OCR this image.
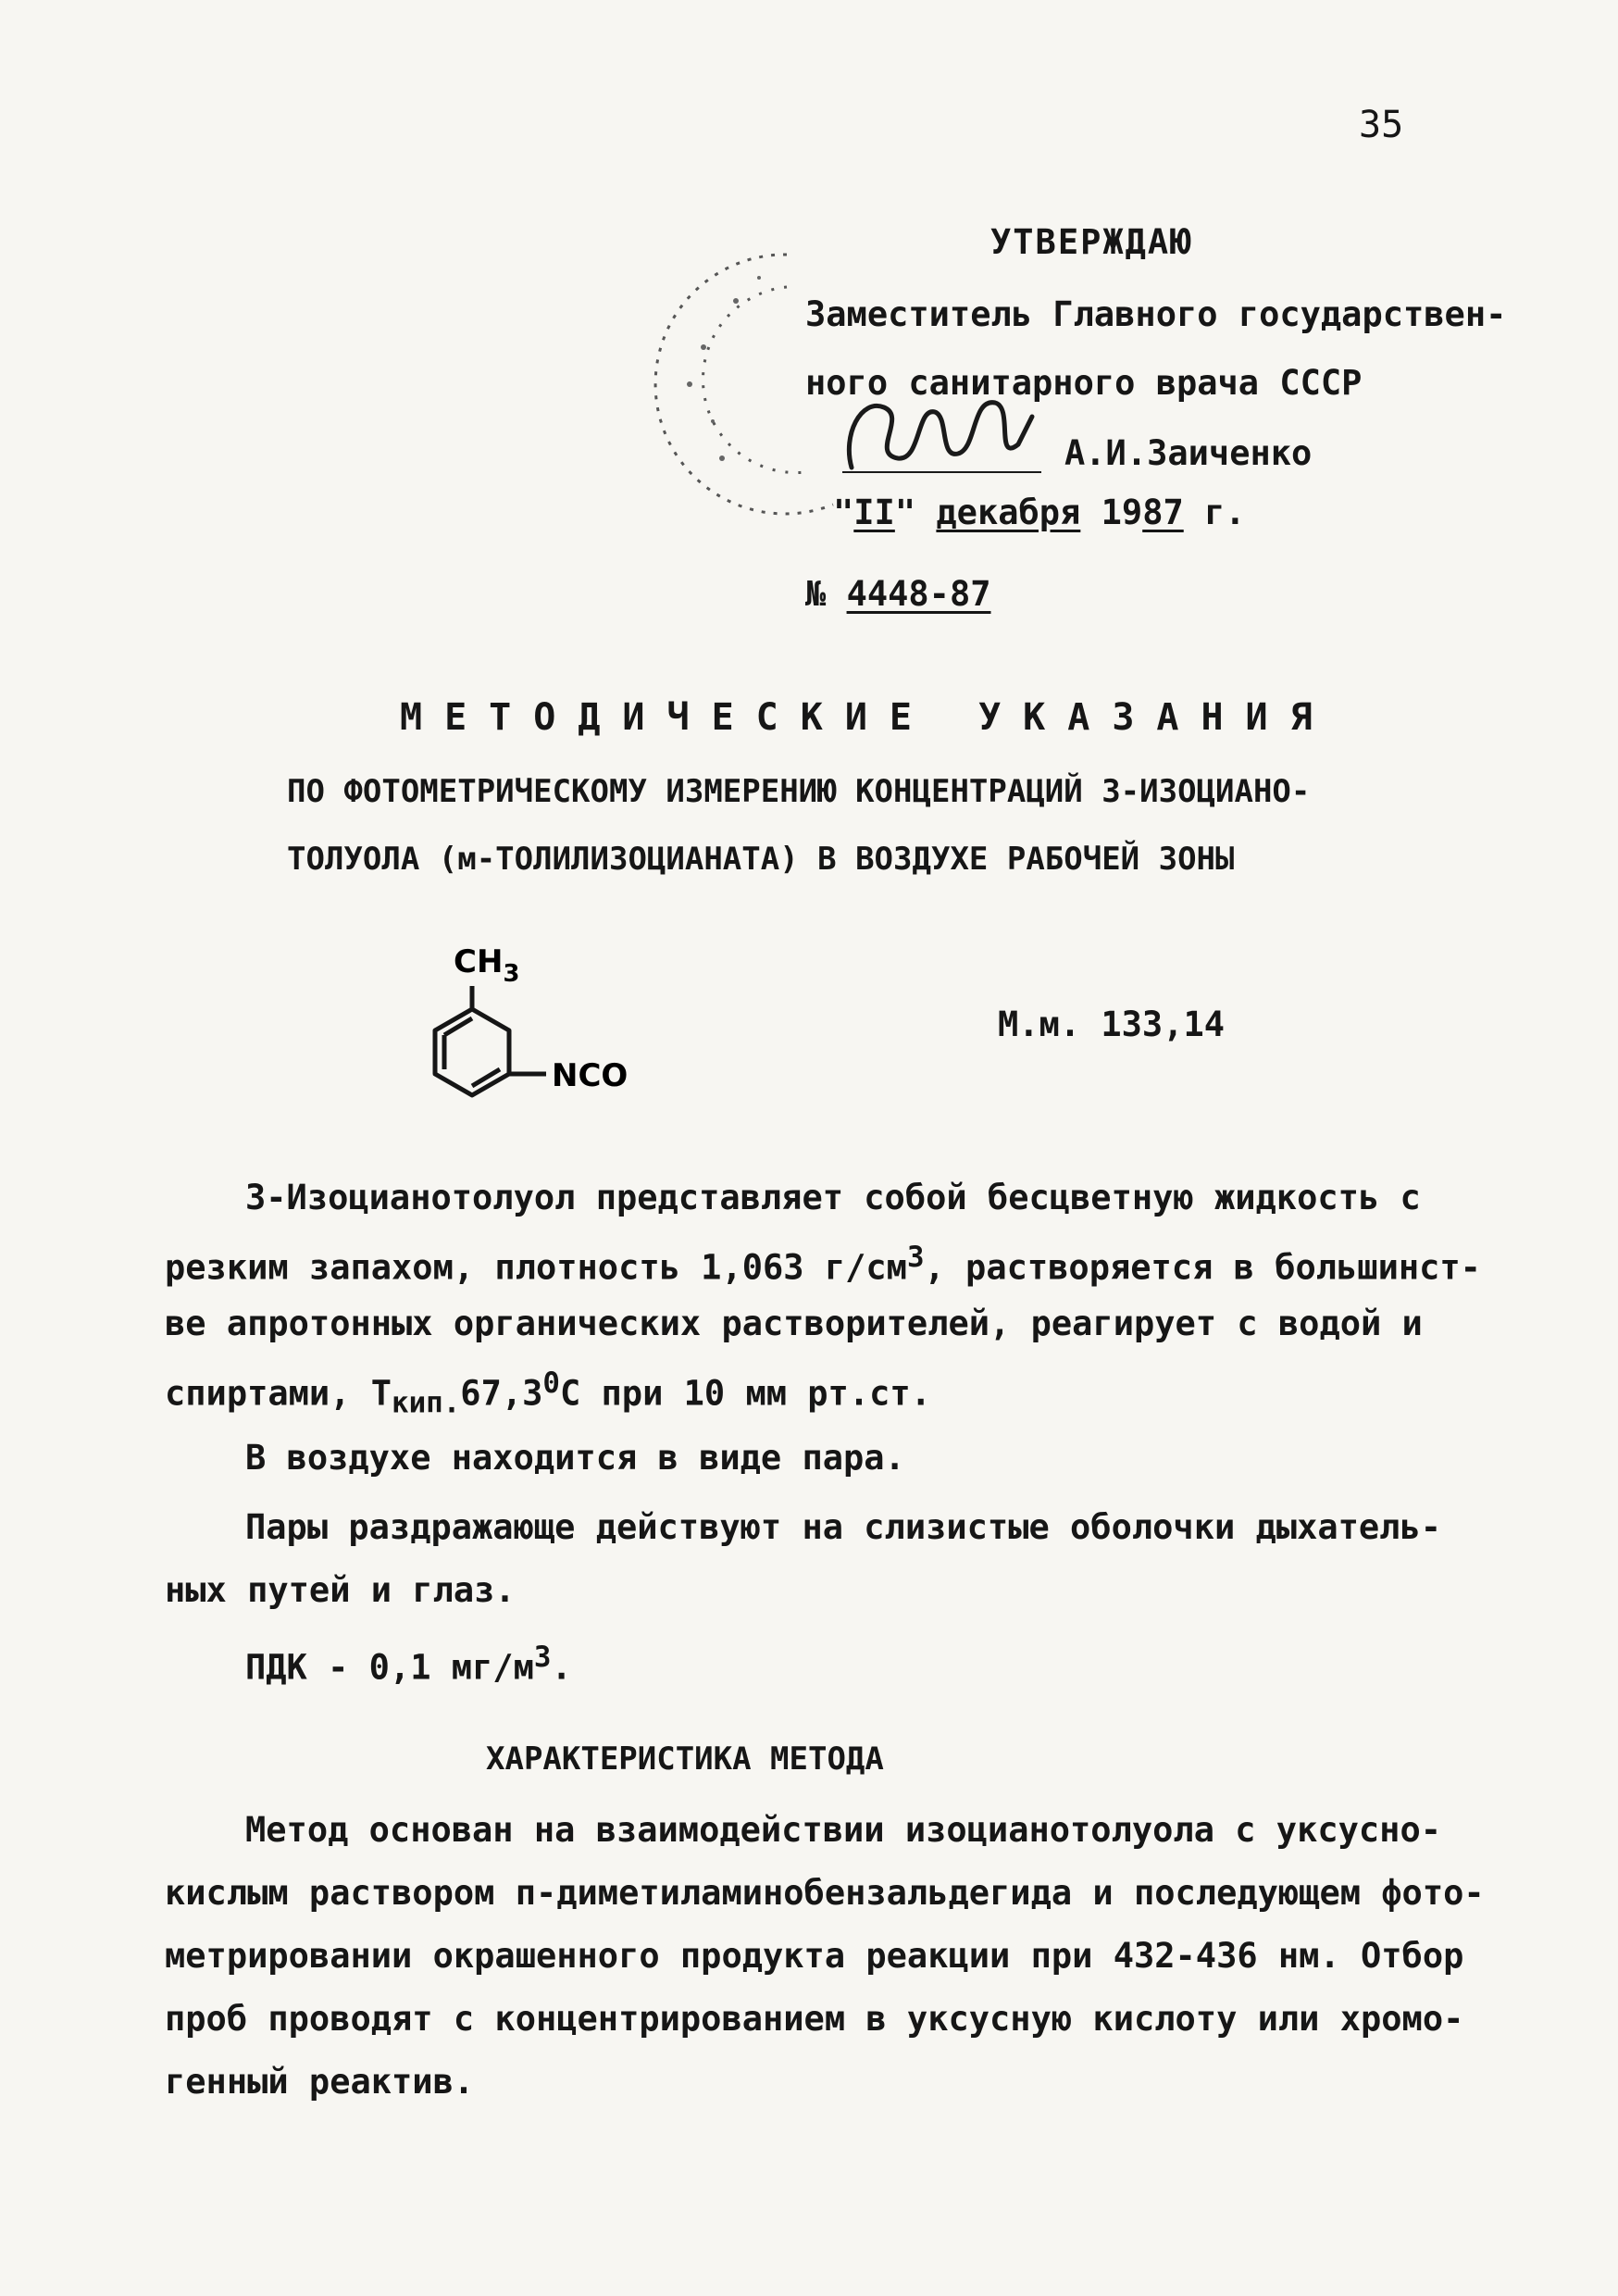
35
УТВЕРЖДАЮ
Заместитель Главного государствен-
ного санитарного врача СССР
А.И.Заиченко
"II" декабря 1987 г.
№ 4448-87
МЕТОДИЧЕСКИЕ УКАЗАНИЯ
ПО ФОТОМЕТРИЧЕСКОМУ ИЗМЕРЕНИЮ КОНЦЕНТРАЦИЙ 3-ИЗОЦИАНО-
ТОЛУОЛА (м-ТОЛИЛИЗОЦИАНАТА) В ВОЗДУХЕ РАБОЧЕЙ ЗОНЫ
$CH_3$
NCO
М.м. 133,14
3-Изоцианотолуол представляет собой бесцветную жидкость с
резким запахом, плотность 1,063 $г/см^3$, растворяется в большинст-
ве апротонных органических растворителей, реагирует с водой и
спиртами, $Т_{кип.}67,3^0С$ при 10 мм рт.ст.
В воздухе находится в виде пара.
Пары раздражающе действуют на слизистые оболочки дыхатель-
ных путей и глаз.
ПДК - 0,1 $мг/м^3$.
ХАРАКТЕРИСТИКА МЕТОДА
Метод основан на взаимодействии изоцианотолуола с уксусно-
кислым раствором п-диметиламинобензальдегида и последующем фото-
метрировании окрашенного продукта реакции при 432-436 нм. Отбор
проб проводят с концентрированием в уксусную кислоту или хромо-
генный реактив.
